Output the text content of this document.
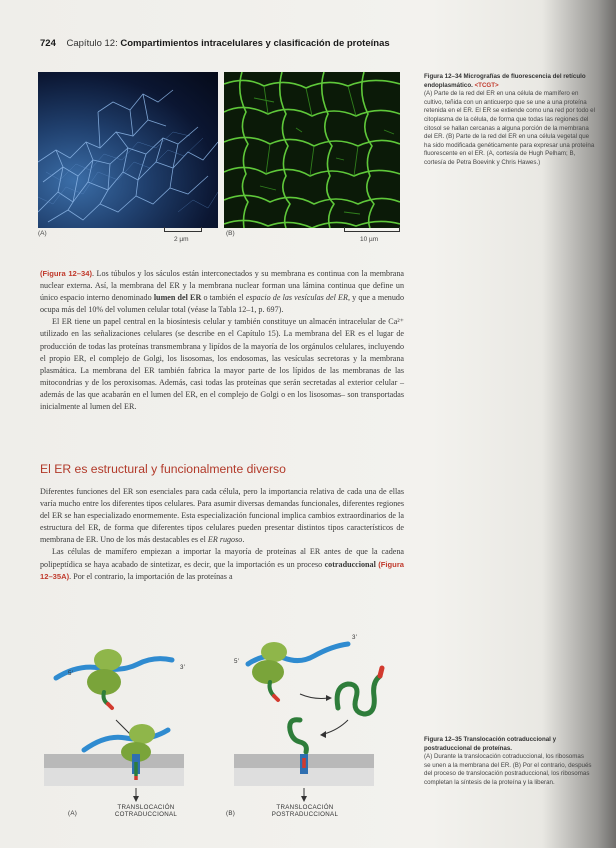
724 Capítulo 12: Compartimientos intracelulares y clasificación de proteínas
(A)
2 µm
(B)
10 µm

Figura 12–34 Micrografías de fluorescencia del retículo endoplasmático. <TCGT>

(A) Parte de la red del ER en una célula de mamífero en cultivo, teñida con un anticuerpo que se une a una proteína retenida en el ER. El ER se extiende como una red por todo el citoplasma de la célula, de forma que todas las regiones del citosol se hallan cercanas a alguna porción de la membrana del ER. (B) Parte de la red del ER en una célula vegetal que ha sido modificada genéticamente para expresar una proteína fluorescente en el ER. (A, cortesía de Hugh Pelham; B, cortesía de Petra Boevink y Chris Hawes.)

(Figura 12–34). Los túbulos y los sáculos están interconectados y su membrana es continua con la membrana nuclear externa. Así, la membrana del ER y la membrana nuclear forman una lámina continua que define un único espacio interno denominado lumen del ER o también el espacio de las vesículas del ER, y que a menudo ocupa más del 10% del volumen celular total (véase la Tabla 12–1, p. 697).

El ER tiene un papel central en la biosíntesis celular y también constituye un almacén intracelular de Ca²⁺ utilizado en las señalizaciones celulares (se describe en el Capítulo 15). La membrana del ER es el lugar de producción de todas las proteínas transmembrana y lipídos de la mayoría de los orgánulos celulares, incluyendo el propio ER, el complejo de Golgi, los lisosomas, los endosomas, las vesículas secretoras y la membrana plasmática. La membrana del ER también fabrica la mayor parte de los lípidos de las membranas de las mitocondrias y de los peroxisomas. Además, casi todas las proteínas que serán secretadas al exterior celular –además de las que acabarán en el lumen del ER, en el complejo de Golgi o en los lisosomas– son transportadas inicialmente al lumen del ER.

El ER es estructural y funcionalmente diverso

Diferentes funciones del ER son esenciales para cada célula, pero la importancia relativa de cada una de ellas varía mucho entre los diferentes tipos celulares. Para asumir diversas demandas funcionales, diferentes regiones del ER se han especializado enormemente. Esta especialización funcional implica cambios extraordinarios de la estructura del ER, de forma que diferentes tipos celulares pueden presentar distintos tipos característicos de membrana de ER. Uno de los más destacables es el ER rugoso.

Las células de mamífero empiezan a importar la mayoría de proteínas al ER antes de que la cadena polipeptídica se haya acabado de sintetizar, es decir, que la importación es un proceso cotraduccional (Figura 12–35A). Por el contrario, la importación de las proteínas a

5′
3′
5′
3′
(A)
TRANSLOCACIÓN
COTRADUCCIONAL	(B)
TRANSLOCACIÓN
POSTRADUCCIONAL

Figura 12–35 Translocación cotraduccional y postraduccional de proteínas.

(A) Durante la translocación cotraduccional, los ribosomas se unen a la membrana del ER. (B) Por el contrario, después del proceso de translocación postraduccional, los ribosomas completan la síntesis de la proteína y la liberan.
